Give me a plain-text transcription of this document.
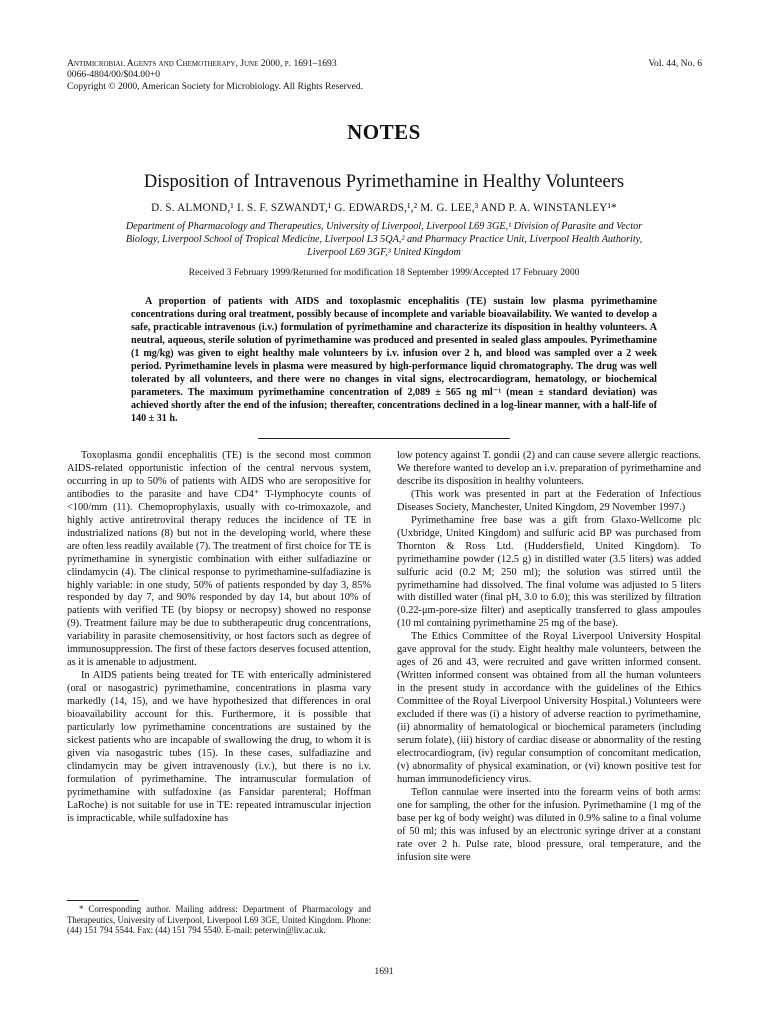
Antimicrobial Agents and Chemotherapy, June 2000, p. 1691–1693
0066-4804/00/$04.00+0
Copyright © 2000, American Society for Microbiology. All Rights Reserved.
Vol. 44, No. 6
NOTES
Disposition of Intravenous Pyrimethamine in Healthy Volunteers
D. S. ALMOND,¹ I. S. F. SZWANDT,¹ G. EDWARDS,¹,² M. G. LEE,³ AND P. A. WINSTANLEY¹*
Department of Pharmacology and Therapeutics, University of Liverpool, Liverpool L69 3GE,¹ Division of Parasite and Vector Biology, Liverpool School of Tropical Medicine, Liverpool L3 5QA,² and Pharmacy Practice Unit, Liverpool Health Authority, Liverpool L69 3GF,³ United Kingdom
Received 3 February 1999/Returned for modification 18 September 1999/Accepted 17 February 2000

A proportion of patients with AIDS and toxoplasmic encephalitis (TE) sustain low plasma pyrimethamine concentrations during oral treatment, possibly because of incomplete and variable bioavailability. We wanted to develop a safe, practicable intravenous (i.v.) formulation of pyrimethamine and characterize its disposition in healthy volunteers. A neutral, aqueous, sterile solution of pyrimethamine was produced and presented in sealed glass ampoules. Pyrimethamine (1 mg/kg) was given to eight healthy male volunteers by i.v. infusion over 2 h, and blood was sampled over a 2 week period. Pyrimethamine levels in plasma were measured by high-performance liquid chromatography. The drug was well tolerated by all volunteers, and there were no changes in vital signs, electrocardiogram, hematology, or biochemical parameters. The maximum pyrimethamine concentration of 2,089 ± 565 ng ml⁻¹ (mean ± standard deviation) was achieved shortly after the end of the infusion; thereafter, concentrations declined in a log-linear manner, with a half-life of 140 ± 31 h.

Toxoplasma gondii encephalitis (TE) is the second most common AIDS-related opportunistic infection of the central nervous system, occurring in up to 50% of patients with AIDS who are seropositive for antibodies to the parasite and have CD4⁺ T-lymphocyte counts of <100/mm (11). Chemoprophylaxis, usually with co-trimoxazole, and highly active antiretroviral therapy reduces the incidence of TE in industrialized nations (8) but not in the developing world, where these are often less readily available (7). The treatment of first choice for TE is pyrimethamine in synergistic combination with either sulfadiazine or clindamycin (4). The clinical response to pyrimethamine-sulfadiazine is highly variable: in one study, 50% of patients responded by day 3, 85% responded by day 7, and 90% responded by day 14, but about 10% of patients with verified TE (by biopsy or necropsy) showed no response (9). Treatment failure may be due to subtherapeutic drug concentrations, variability in parasite chemosensitivity, or host factors such as degree of immunosuppression. The first of these factors deserves focused attention, as it is amenable to adjustment.

In AIDS patients being treated for TE with enterically administered (oral or nasogastric) pyrimethamine, concentrations in plasma vary markedly (14, 15), and we have hypothesized that differences in oral bioavailability account for this. Furthermore, it is possible that particularly low pyrimethamine concentrations are sustained by the sickest patients who are incapable of swallowing the drug, to whom it is given via nasogastric tubes (15). In these cases, sulfadiazine and clindamycin may be given intravenously (i.v.), but there is no i.v. formulation of pyrimethamine. The intramuscular formulation of pyrimethamine with sulfadoxine (as Fansidar parenteral; Hoffman LaRoche) is not suitable for use in TE: repeated intramuscular injection is impracticable, while sulfadoxine has

* Corresponding author. Mailing address: Department of Pharmacology and Therapeutics, University of Liverpool, Liverpool L69 3GE, United Kingdom. Phone: (44) 151 794 5544. Fax: (44) 151 794 5540. E-mail: peterwin@liv.ac.uk.

low potency against T. gondii (2) and can cause severe allergic reactions. We therefore wanted to develop an i.v. preparation of pyrimethamine and describe its disposition in healthy volunteers.

(This work was presented in part at the Federation of Infectious Diseases Society, Manchester, United Kingdom, 29 November 1997.)

Pyrimethamine free base was a gift from Glaxo-Wellcome plc (Uxbridge, United Kingdom) and sulfuric acid BP was purchased from Thornton & Ross Ltd. (Huddersfield, United Kingdom). To pyrimethamine powder (12.5 g) in distilled water (3.5 liters) was added sulfuric acid (0.2 M; 250 ml); the solution was stirred until the pyrimethamine had dissolved. The final volume was adjusted to 5 liters with distilled water (final pH, 3.0 to 6.0); this was sterilized by filtration (0.22-μm-pore-size filter) and aseptically transferred to glass ampoules (10 ml containing pyrimethamine 25 mg of the base).

The Ethics Committee of the Royal Liverpool University Hospital gave approval for the study. Eight healthy male volunteers, between the ages of 26 and 43, were recruited and gave written informed consent. (Written informed consent was obtained from all the human volunteers in the present study in accordance with the guidelines of the Ethics Committee of the Royal Liverpool University Hospital.) Volunteers were excluded if there was (i) a history of adverse reaction to pyrimethamine, (ii) abnormality of hematological or biochemical parameters (including serum folate), (iii) history of cardiac disease or abnormality of the resting electrocardiogram, (iv) regular consumption of concomitant medication, (v) abnormality of physical examination, or (vi) known positive test for human immunodeficiency virus.

Teflon cannulae were inserted into the forearm veins of both arms: one for sampling, the other for the infusion. Pyrimethamine (1 mg of the base per kg of body weight) was diluted in 0.9% saline to a final volume of 50 ml; this was infused by an electronic syringe driver at a constant rate over 2 h. Pulse rate, blood pressure, oral temperature, and the infusion site were

1691
